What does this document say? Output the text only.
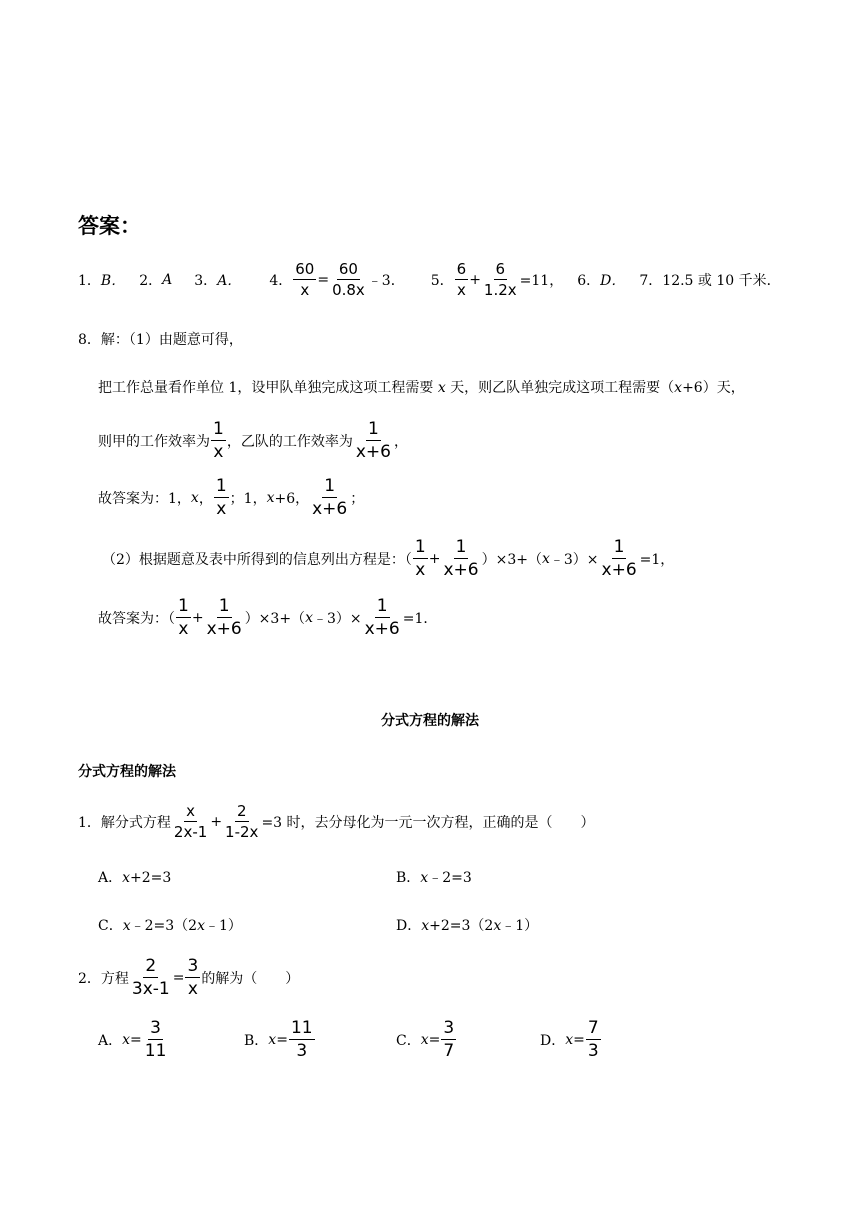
答案：
1． B． 2． A 3． A． 4． $\frac{60}{x} = \frac{60}{0.8x}$ ﹣3． 5． $\frac{6}{x} + \frac{6}{1.2x} =11$， 6． D． 7． 12.5 或 10 千米．
8．解：（1）由题意可得，
把工作总量看作单位 1，设甲队单独完成这项工程需要 x 天，则乙队单独完成这项工程需要（x+6）天，
则甲的工作效率为 $\frac{1}{x}$ ，乙队的工作效率为 $\frac{1}{x+6}$ ，
故答案为：1， x ， $\frac{1}{x}$ ；1， x +6， $\frac{1}{x+6}$ ；
（2）根据题意及表中所得到的信息列出方程是：（ $\frac{1}{x} + \frac{1}{x+6} )\times 3+$（ x ﹣3）× $\frac{1}{x+6} =1$，
故答案为：（ $\frac{1}{x} + \frac{1}{x+6} )\times 3+$（ x ﹣3）× $\frac{1}{x+6} =1$．
分式方程的解法
分式方程的解法
1．解分式方程 $\frac{x}{2x-1} + \frac{2}{1-2x} =3$ 时，去分母化为一元一次方程，正确的是（　　）
A．x+2=3	B．x﹣2=3
C．x﹣2=3（2x﹣1）	D．x+2=3（2x﹣1）
2．方程 $\frac{2}{3x-1} = \frac{3}{x}$ 的解为（　　）
A． $x = \frac{3}{11}$	B． $x = \frac{11}{3}$	C． $x = \frac{3}{7}$	D． $x = \frac{7}{3}$
